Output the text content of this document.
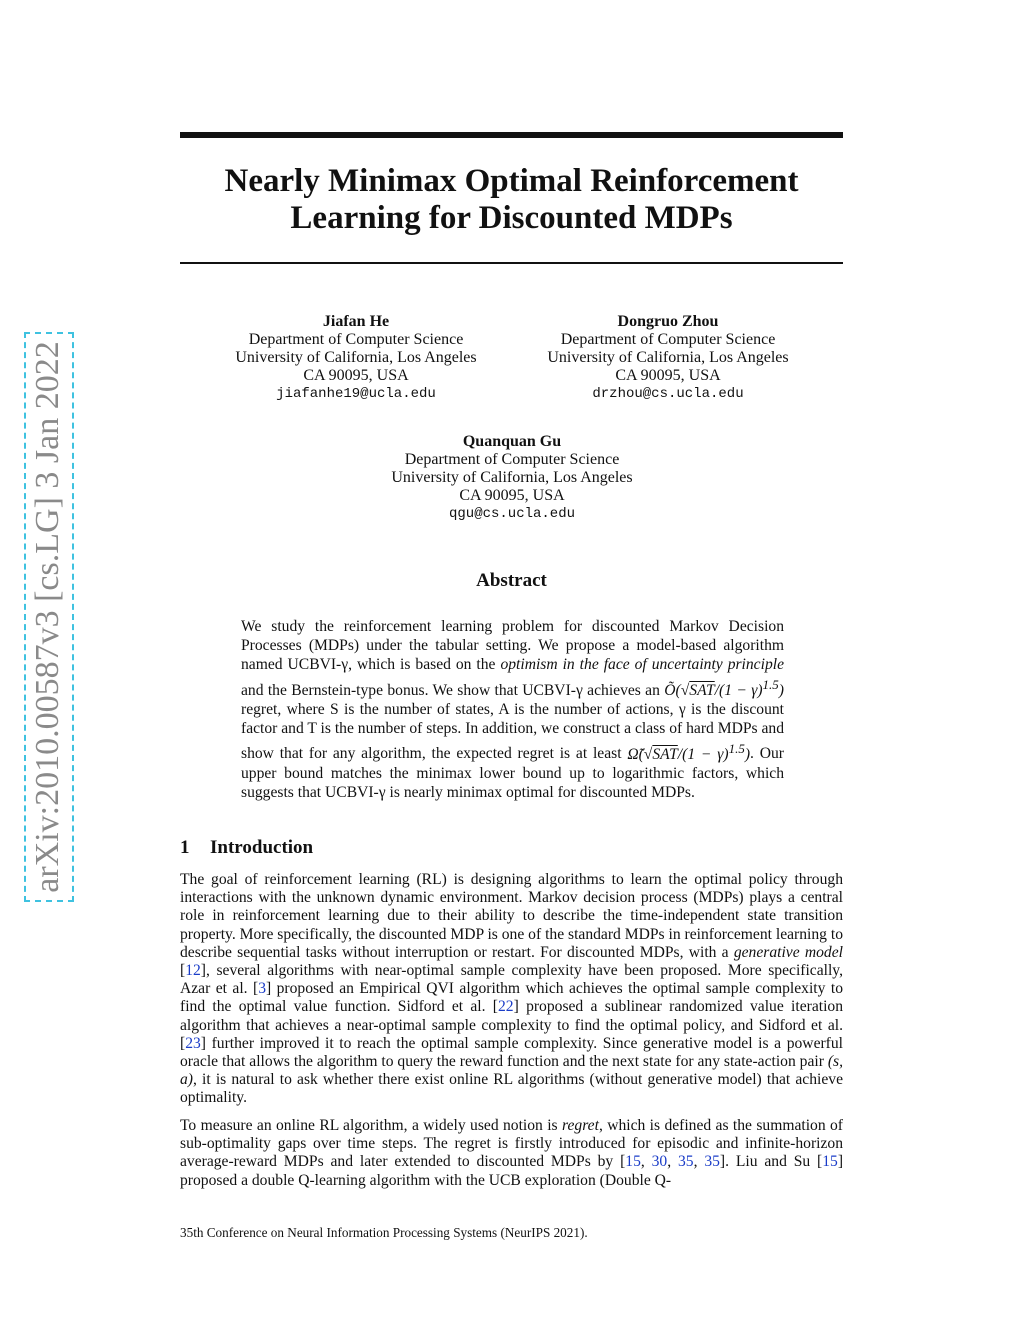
arXiv:2010.00587v3 [cs.LG] 3 Jan 2022
Nearly Minimax Optimal Reinforcement Learning for Discounted MDPs
Jiafan He
Department of Computer Science
University of California, Los Angeles
CA 90095, USA
jiafanhe19@ucla.edu
Dongruo Zhou
Department of Computer Science
University of California, Los Angeles
CA 90095, USA
drzhou@cs.ucla.edu
Quanquan Gu
Department of Computer Science
University of California, Los Angeles
CA 90095, USA
qgu@cs.ucla.edu
Abstract

We study the reinforcement learning problem for discounted Markov Decision Processes (MDPs) under the tabular setting. We propose a model-based algorithm named UCBVI-γ, which is based on the optimism in the face of uncertainty principle and the Bernstein-type bonus. We show that UCBVI-γ achieves an Õ(√SAT/(1 − γ)$^{1.5}$) regret, where S is the number of states, A is the number of actions, γ is the discount factor and T is the number of steps. In addition, we construct a class of hard MDPs and show that for any algorithm, the expected regret is at least Ω̃(√SAT/(1 − γ)$^{1.5}$). Our upper bound matches the minimax lower bound up to logarithmic factors, which suggests that UCBVI-γ is nearly minimax optimal for discounted MDPs.

1 Introduction

The goal of reinforcement learning (RL) is designing algorithms to learn the optimal policy through interactions with the unknown dynamic environment. Markov decision process (MDPs) plays a central role in reinforcement learning due to their ability to describe the time-independent state transition property. More specifically, the discounted MDP is one of the standard MDPs in reinforcement learning to describe sequential tasks without interruption or restart. For discounted MDPs, with a generative model [12], several algorithms with near-optimal sample complexity have been proposed. More specifically, Azar et al. [3] proposed an Empirical QVI algorithm which achieves the optimal sample complexity to find the optimal value function. Sidford et al. [22] proposed a sublinear randomized value iteration algorithm that achieves a near-optimal sample complexity to find the optimal policy, and Sidford et al. [23] further improved it to reach the optimal sample complexity. Since generative model is a powerful oracle that allows the algorithm to query the reward function and the next state for any state-action pair (s, a), it is natural to ask whether there exist online RL algorithms (without generative model) that achieve optimality.

To measure an online RL algorithm, a widely used notion is regret, which is defined as the summation of sub-optimality gaps over time steps. The regret is firstly introduced for episodic and infinite-horizon average-reward MDPs and later extended to discounted MDPs by [15, 30, 35, 35]. Liu and Su [15] proposed a double Q-learning algorithm with the UCB exploration (Double Q-

35th Conference on Neural Information Processing Systems (NeurIPS 2021).
